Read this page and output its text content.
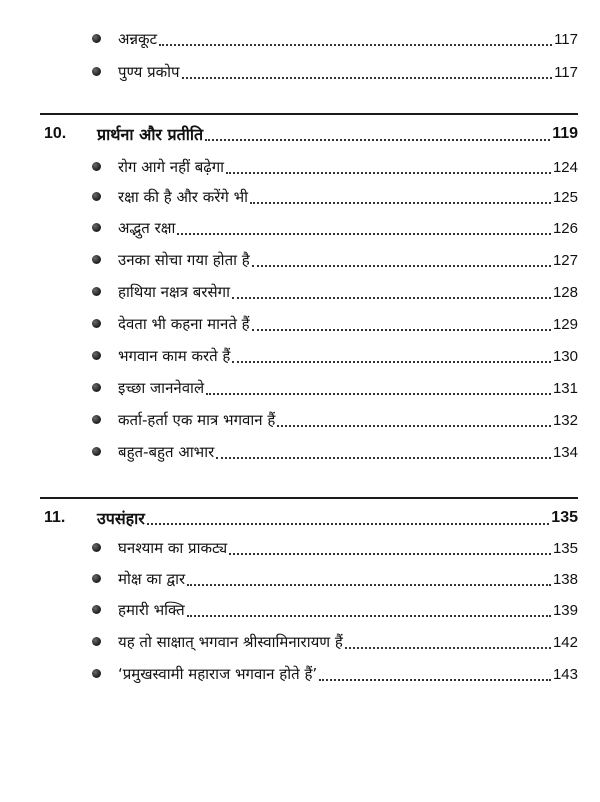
अन्नकूट	117
पुण्य प्रकोप	117
10. प्रार्थना और प्रतीति	119
रोग आगे नहीं बढ़ेगा	124
रक्षा की है और करेंगे भी	125
अद्भुत रक्षा	126
उनका सोचा गया होता है	127
हाथिया नक्षत्र बरसेगा	128
देवता भी कहना मानते हैं	129
भगवान काम करते हैं	130
इच्छा जाननेवाले	131
कर्ता-हर्ता एक मात्र भगवान हैं	132
बहुत-बहुत आभार	134
11. उपसंहार	135
घनश्याम का प्राकट्य	135
मोक्ष का द्वार	138
हमारी भक्ति	139
यह तो साक्षात् भगवान श्रीस्वामिनारायण हैं	142
‘प्रमुखस्वामी महाराज भगवान होते हैं’	143
